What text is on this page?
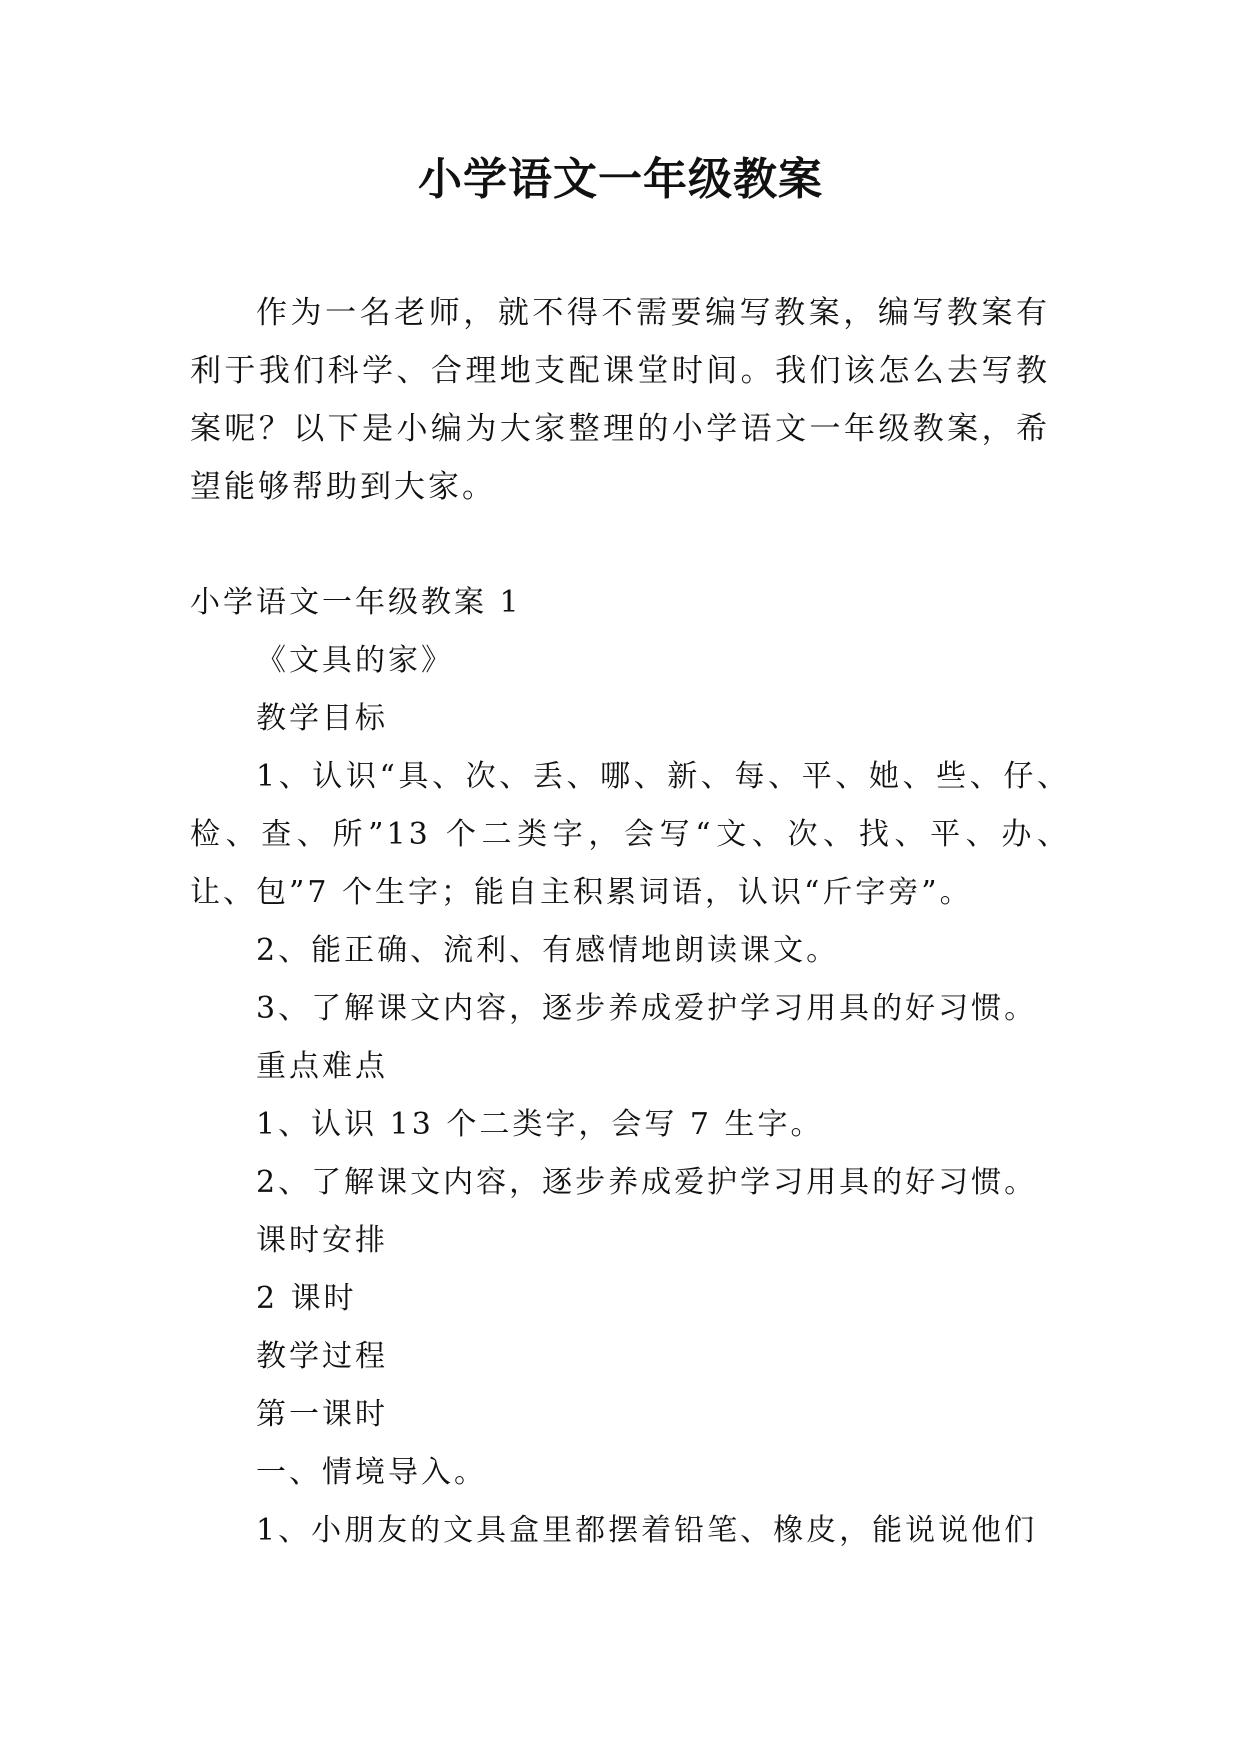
小学语文一年级教案

作为一名老师，就不得不需要编写教案，编写教案有利于我们科学、合理地支配课堂时间。我们该怎么去写教案呢？以下是小编为大家整理的小学语文一年级教案，希望能够帮助到大家。

小学语文一年级教案 1

《文具的家》

教学目标

1、认识“具、次、丢、哪、新、每、平、她、些、仔、检、查、所”13 个二类字，会写“文、次、找、平、办、让、包”7 个生字；能自主积累词语，认识“斤字旁”。

2、能正确、流利、有感情地朗读课文。

3、了解课文内容，逐步养成爱护学习用具的好习惯。

重点难点

1、认识 13 个二类字，会写 7 生字。

2、了解课文内容，逐步养成爱护学习用具的好习惯。

课时安排

2 课时

教学过程

第一课时

一、情境导入。

1、小朋友的文具盒里都摆着铅笔、橡皮，能说说他们
